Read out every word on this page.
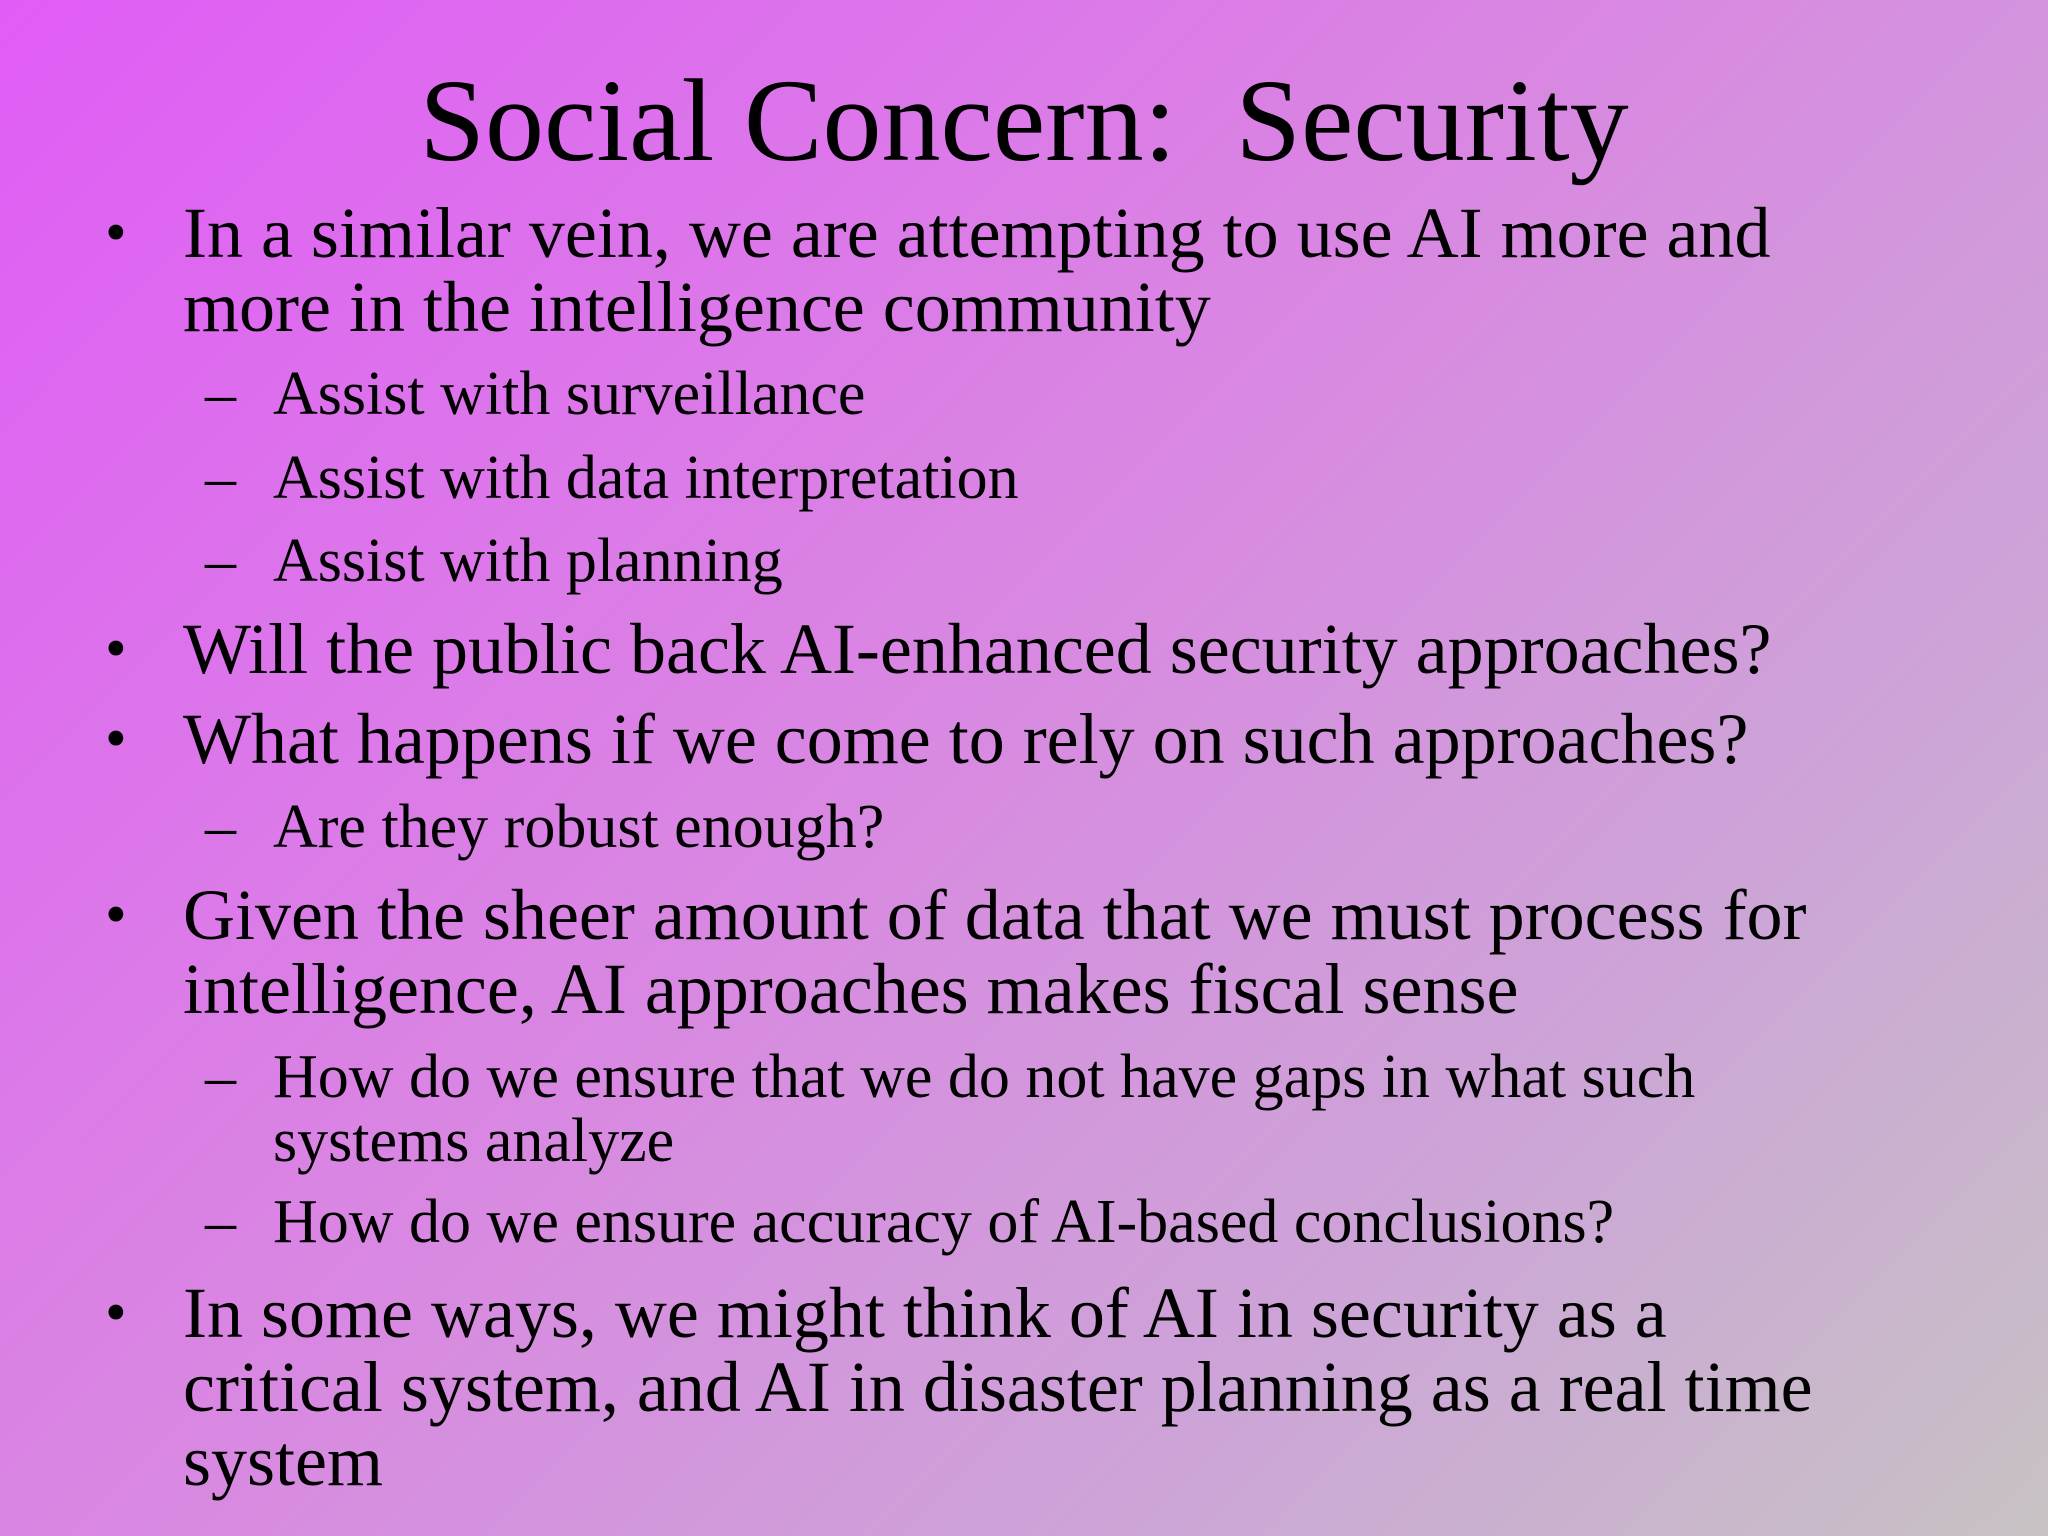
Social Concern:  Security
• In a similar vein, we are attempting to use AI more and
more in the intelligence community
– Assist with surveillance
– Assist with data interpretation
– Assist with planning
• Will the public back AI-enhanced security approaches?
• What happens if we come to rely on such approaches?
– Are they robust enough?
• Given the sheer amount of data that we must process for
intelligence, AI approaches makes fiscal sense
– How do we ensure that we do not have gaps in what such
systems analyze
– How do we ensure accuracy of AI-based conclusions?
• In some ways, we might think of AI in security as a
critical system, and AI in disaster planning as a real time
system
